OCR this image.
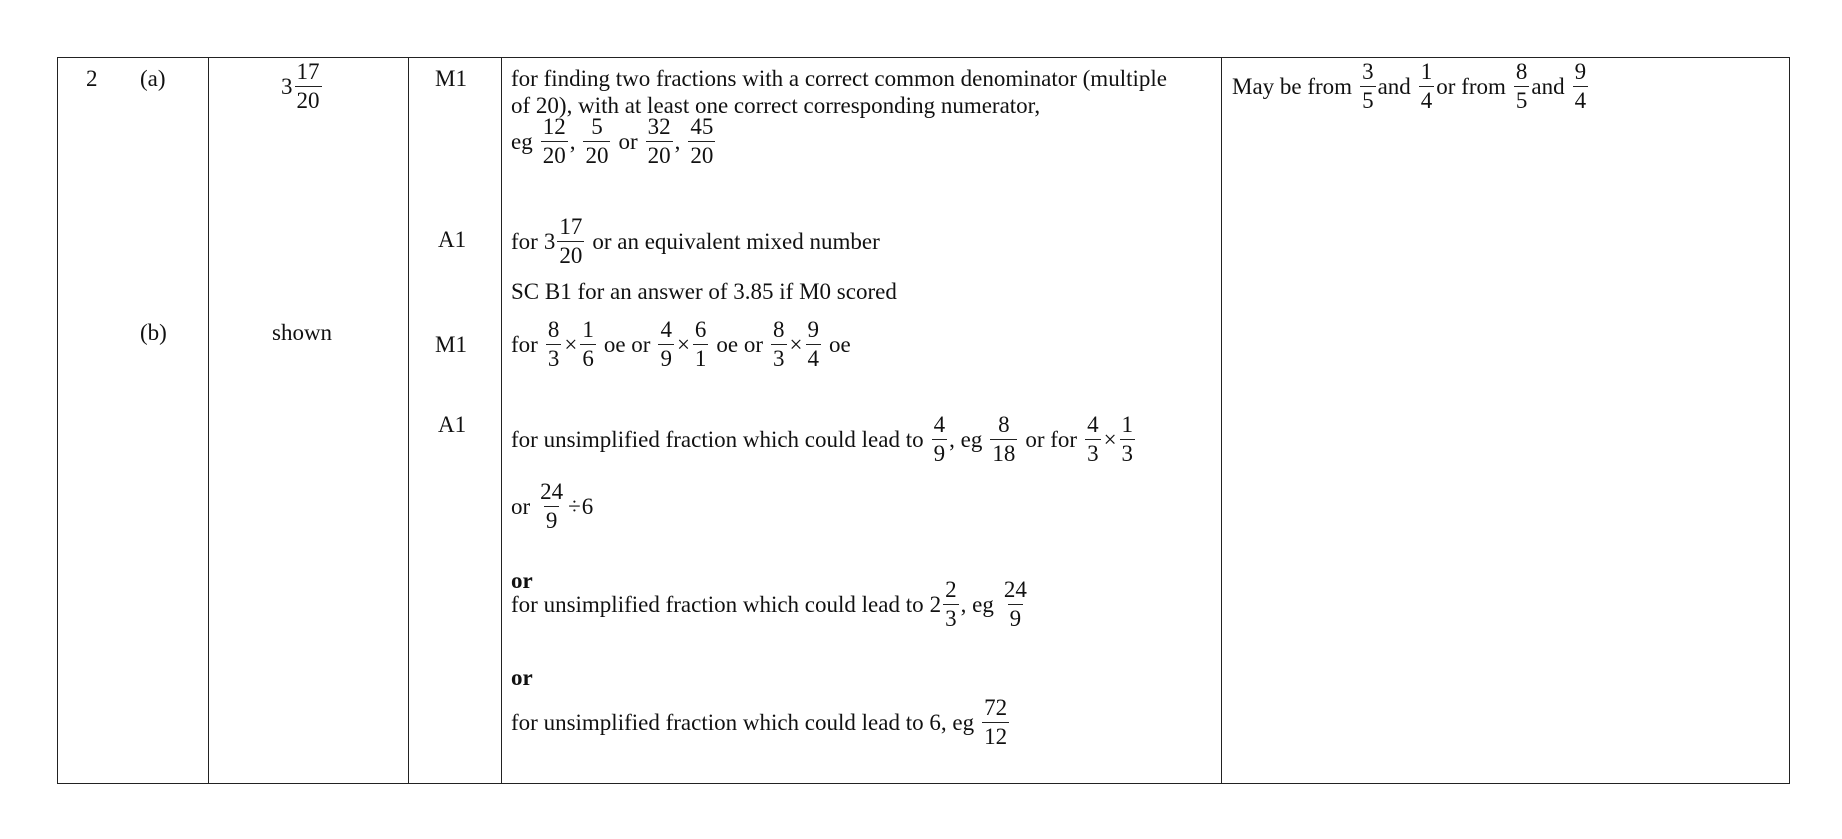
2 (a)
(b)
$3 \frac{17}{20}$
shown
M1
A1
M1
A1
for finding two fractions with a correct common denominator (multiple
of 20), with at least one correct corresponding numerator,
eg $\frac{12}{20}$ , $\frac{5}{20}$ or $\frac{32}{20}$ , $\frac{45}{20}$
for $3 \frac{17}{20}$ or an equivalent mixed number
SC B1 for an answer of 3.85 if M0 scored
for $\frac{8}{3} \times \frac{1}{6}$ oe or $\frac{4}{9} \times \frac{6}{1}$ oe or $\frac{8}{3} \times \frac{9}{4}$ oe
for unsimplified fraction which could lead to $\frac{4}{9}$ , eg $\frac{8}{18}$ or for $\frac{4}{3} \times \frac{1}{3}$
or $\frac{24}{9} \div 6$
or
for unsimplified fraction which could lead to $2 \frac{2}{3}$ , eg $\frac{24}{9}$
or
for unsimplified fraction which could lead to 6, eg $\frac{72}{12}$
May be from $\frac{3}{5}$ and $\frac{1}{4}$ or from $\frac{8}{5}$ and $\frac{9}{4}$
